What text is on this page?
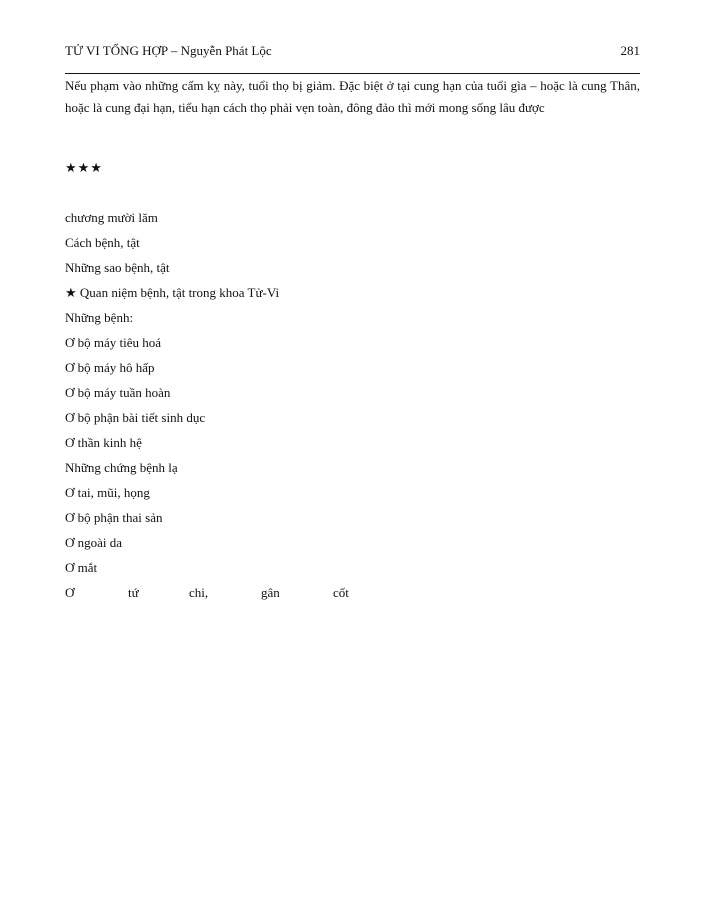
TỬ VI TỔNG HỢP – Nguyễn Phát Lộc	281

Nếu phạm vào những cấm kỵ này, tuổi thọ bị giảm. Đặc biệt ở tại cung hạn của tuổi gìa – hoặc là cung Thân, hoặc là cung đại hạn, tiểu hạn cách thọ phải vẹn toàn, đông đảo thì mới mong sống lâu được

★★★
chương mười lăm
Cách bệnh, tật
Những sao bệnh, tật
★ Quan niệm bệnh, tật trong khoa Tử-Vi
Những bệnh:
Ơ bộ máy tiêu hoá
Ơ bộ máy hô hấp
Ơ bộ máy tuần hoàn
Ơ bộ phận bài tiết sinh dục
Ơ thần kinh hệ
Những chứng bệnh lạ
Ơ tai, mũi, họng
Ơ bộ phận thai sản
Ơ ngoài da
Ơ mắt
Ơ	tứ	chi,	gân	cốt
